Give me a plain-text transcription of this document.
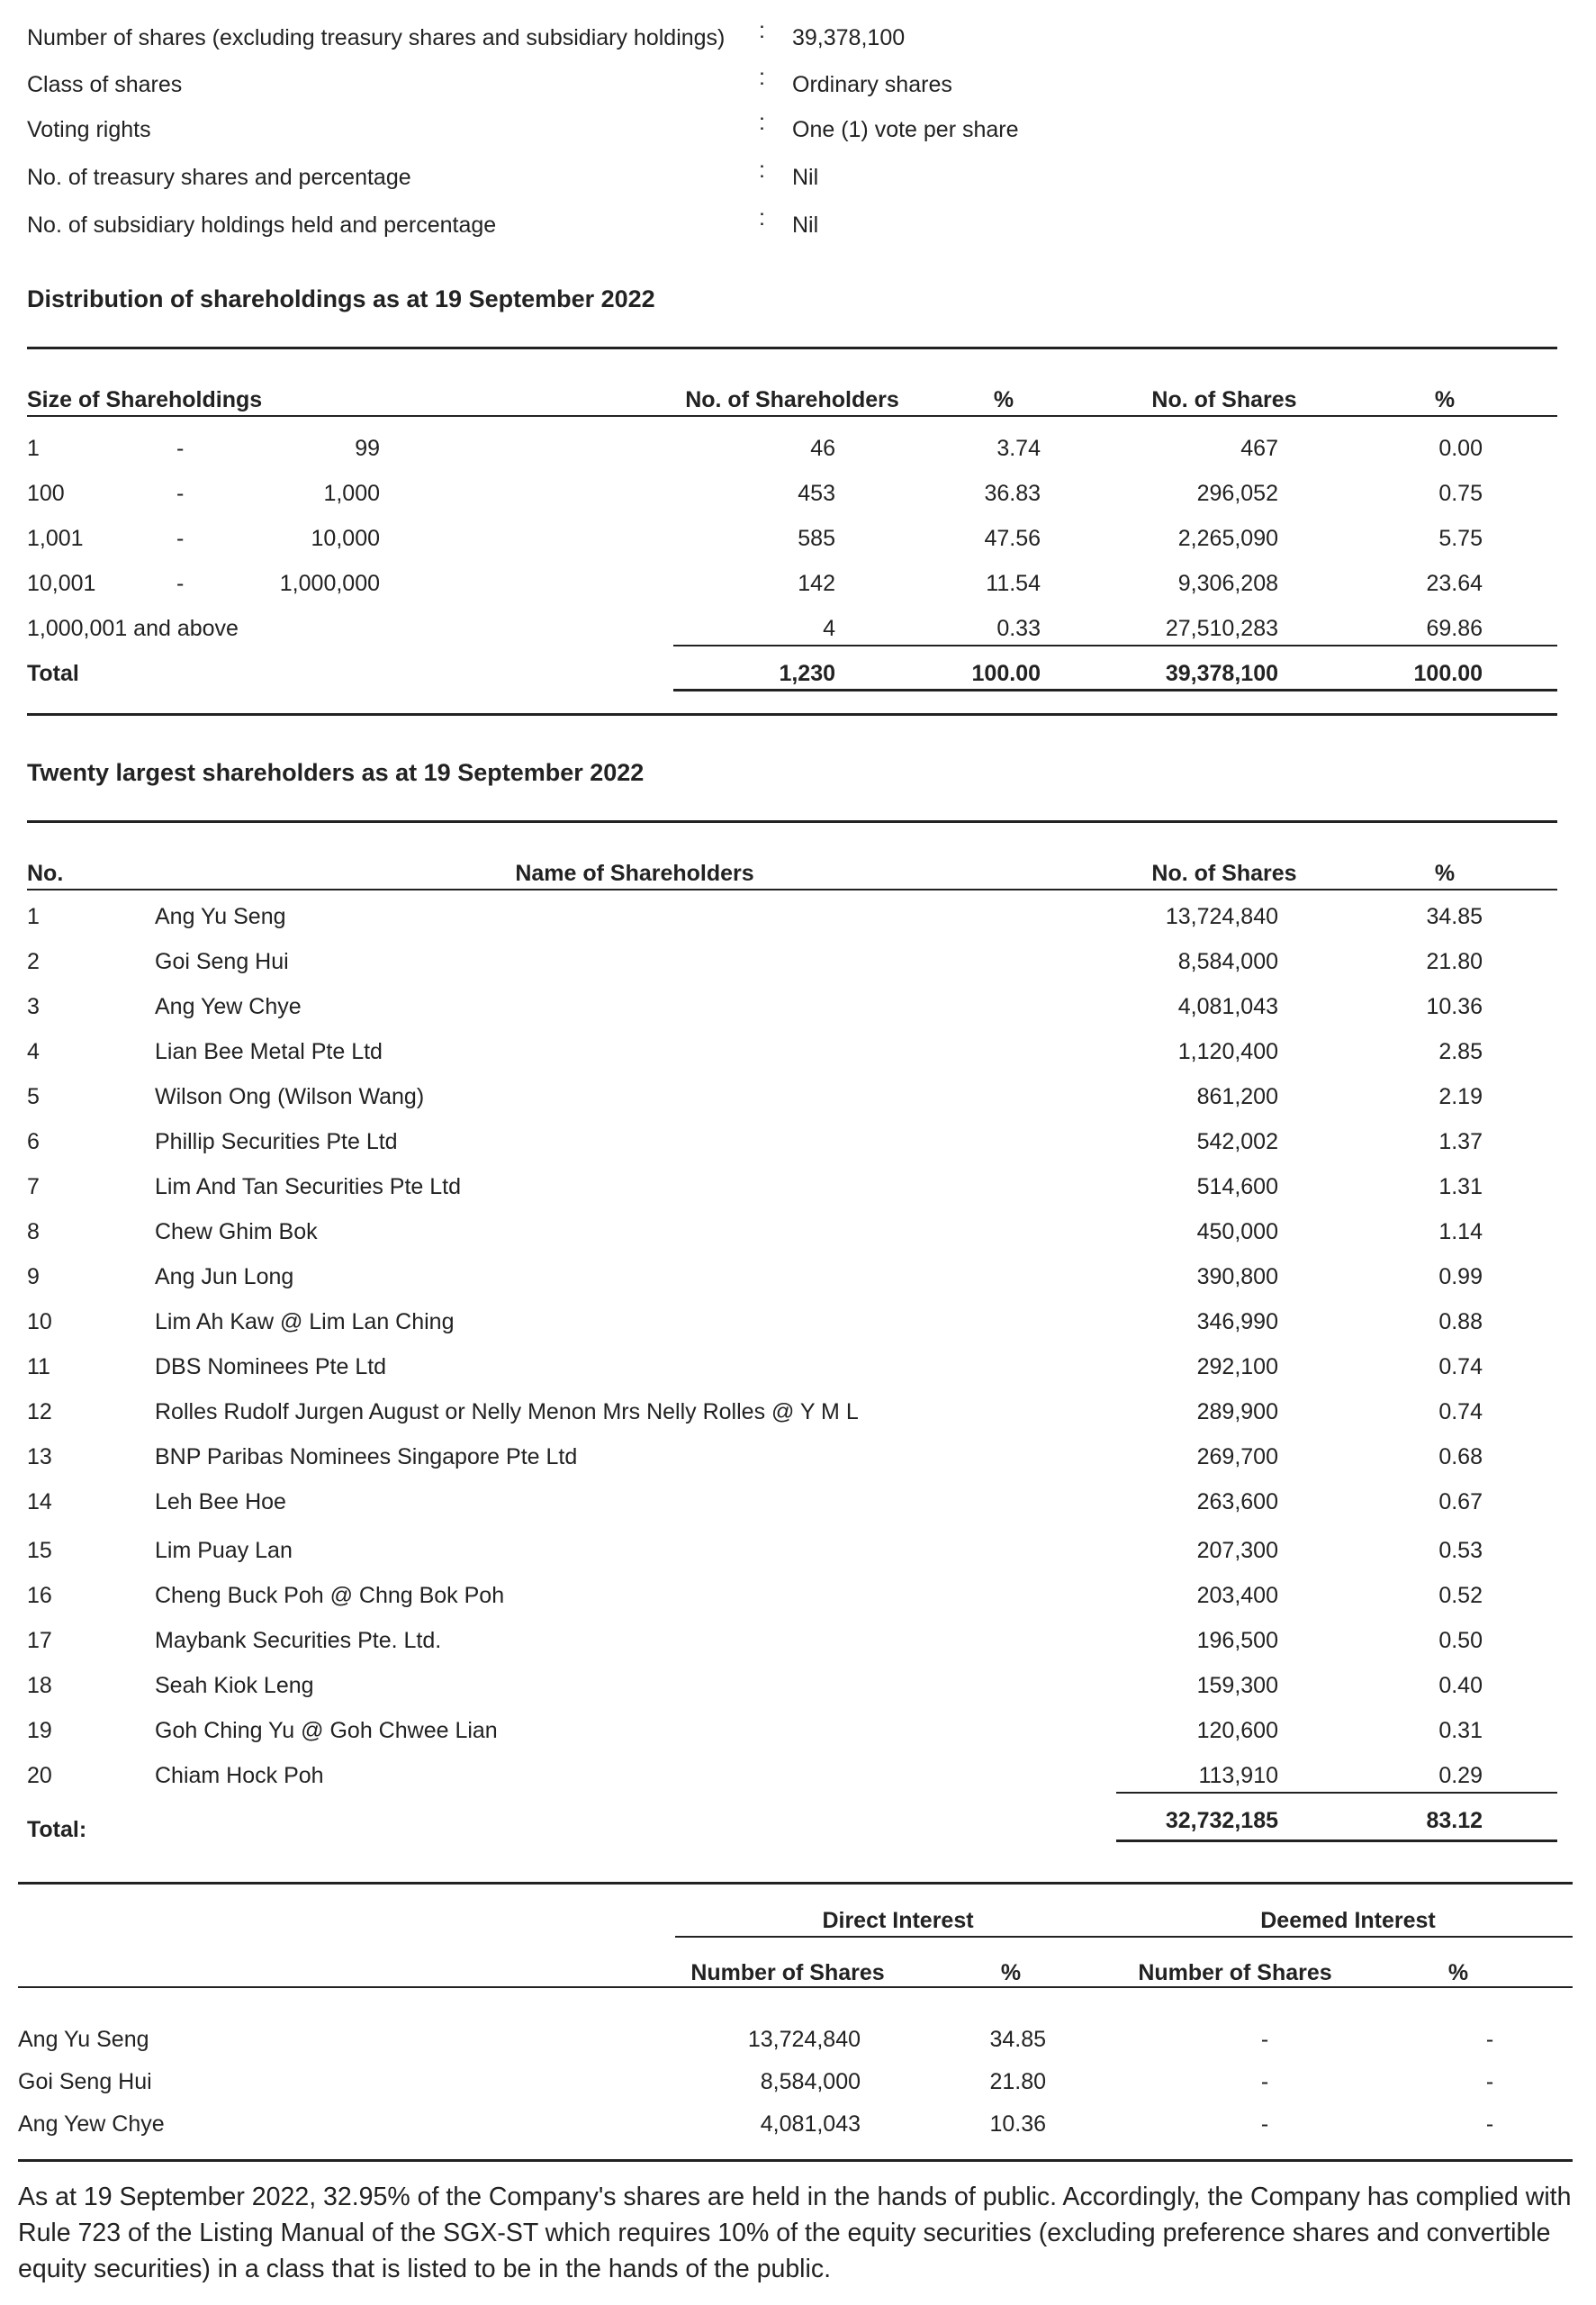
Number of shares (excluding treasury shares and subsidiary holdings) : 39,378,100
Class of shares	: Ordinary shares
Voting rights	: One (1) vote per share
No. of treasury shares and percentage	: Nil
No. of subsidiary holdings held and percentage	: Nil
Distribution of shareholdings as at 19 September 2022
Size of Shareholdings	No. of Shareholders	%	No. of Shares	%
1	-	99	46	3.74	467	0.00
100	-	1,000	453	36.83	296,052	0.75
1,001	-	10,000	585	47.56	2,265,090	5.75
10,001	-	1,000,000	142	11.54	9,306,208	23.64
1,000,001 and above	4	0.33	27,510,283	69.86
Total	1,230	100.00	39,378,100	100.00
Twenty largest shareholders as at 19 September 2022
No.	Name of Shareholders	No. of Shares	%
1	Ang Yu Seng	13,724,840	34.85
2	Goi Seng Hui	8,584,000	21.80
3	Ang Yew Chye	4,081,043	10.36
4	Lian Bee Metal Pte Ltd	1,120,400	2.85
5	Wilson Ong (Wilson Wang)	861,200	2.19
6	Phillip Securities Pte Ltd	542,002	1.37
7	Lim And Tan Securities Pte Ltd	514,600	1.31
8	Chew Ghim Bok	450,000	1.14
9	Ang Jun Long	390,800	0.99
10	Lim Ah Kaw @ Lim Lan Ching	346,990	0.88
11	DBS Nominees Pte Ltd	292,100	0.74
12	Rolles Rudolf Jurgen August or Nelly Menon Mrs Nelly Rolles @ Y M L	289,900	0.74
13	BNP Paribas Nominees Singapore Pte Ltd	269,700	0.68
14	Leh Bee Hoe	263,600	0.67
15	Lim Puay Lan	207,300	0.53
16	Cheng Buck Poh @ Chng Bok Poh	203,400	0.52
17	Maybank Securities Pte. Ltd.	196,500	0.50
18	Seah Kiok Leng	159,300	0.40
19	Goh Ching Yu @ Goh Chwee Lian	120,600	0.31
20	Chiam Hock Poh	113,910	0.29
Total:	32,732,185	83.12
Direct Interest	Deemed Interest
Number of Shares	%	Number of Shares	%
Ang Yu Seng	13,724,840	34.85	-	-
Goi Seng Hui	8,584,000	21.80	-	-
Ang Yew Chye	4,081,043	10.36	-	-
As at 19 September 2022, 32.95% of the Company's shares are held in the hands of public. Accordingly, the Company has complied with Rule 723 of the Listing Manual of the SGX-ST which requires 10% of the equity securities (excluding preference shares and convertible equity securities) in a class that is listed to be in the hands of the public.
